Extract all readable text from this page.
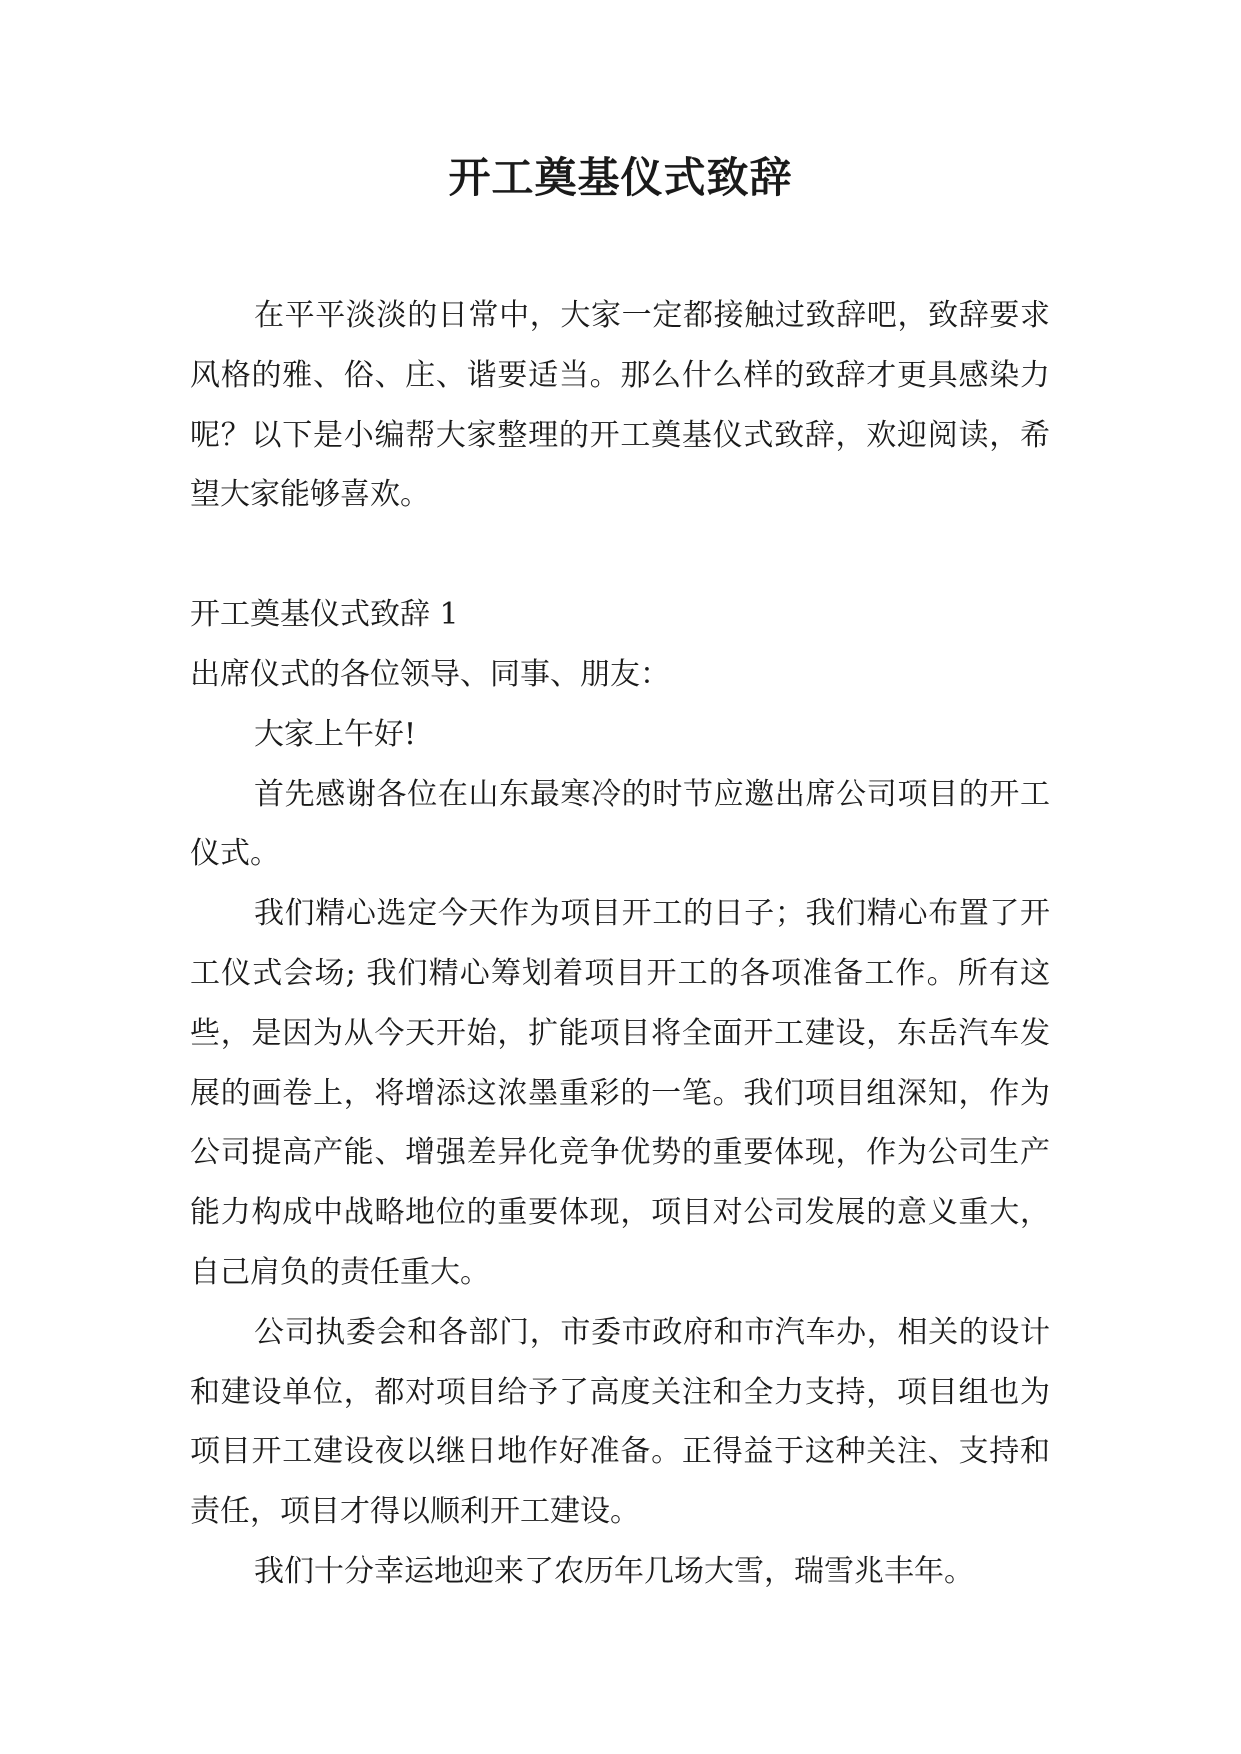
开工奠基仪式致辞

在平平淡淡的日常中，大家一定都接触过致辞吧，致辞要求风格的雅、俗、庄、谐要适当。那么什么样的致辞才更具感染力呢？以下是小编帮大家整理的开工奠基仪式致辞，欢迎阅读，希望大家能够喜欢。

开工奠基仪式致辞 1

出席仪式的各位领导、同事、朋友：

大家上午好!

首先感谢各位在山东最寒冷的时节应邀出席公司项目的开工仪式。

我们精心选定今天作为项目开工的日子；我们精心布置了开工仪式会场; 我们精心筹划着项目开工的各项准备工作。所有这些，是因为从今天开始，扩能项目将全面开工建设，东岳汽车发展的画卷上，将增添这浓墨重彩的一笔。我们项目组深知，作为公司提高产能、增强差异化竞争优势的重要体现，作为公司生产能力构成中战略地位的重要体现，项目对公司发展的意义重大，自己肩负的责任重大。

公司执委会和各部门，市委市政府和市汽车办，相关的设计和建设单位，都对项目给予了高度关注和全力支持，项目组也为项目开工建设夜以继日地作好准备。正得益于这种关注、支持和责任，项目才得以顺利开工建设。

我们十分幸运地迎来了农历年几场大雪，瑞雪兆丰年。
